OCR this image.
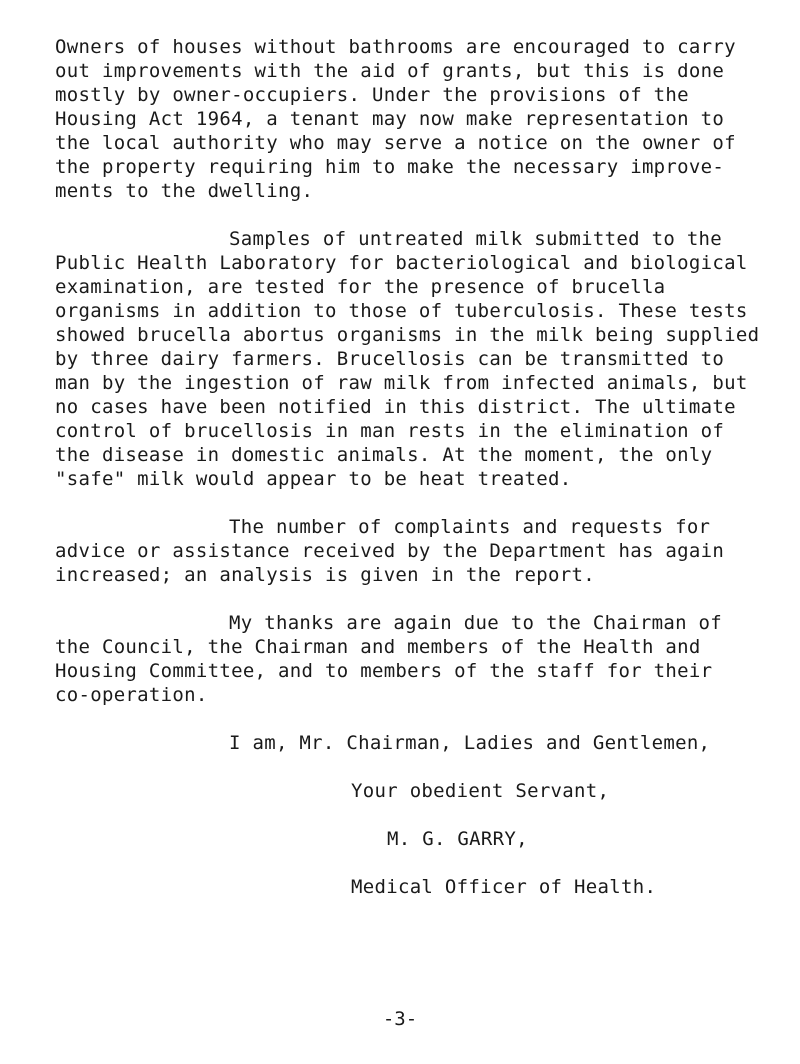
Owners of houses without bathrooms are encouraged to carry
out improvements with the aid of grants, but this is done
mostly by owner-occupiers. Under the provisions of the
Housing Act 1964, a tenant may now make representation to
the local authority who may serve a notice on the owner of
the property requiring him to make the necessary improve-
ments to the dwelling.
Samples of untreated milk submitted to the
Public Health Laboratory for bacteriological and biological
examination, are tested for the presence of brucella
organisms in addition to those of tuberculosis. These tests
showed brucella abortus organisms in the milk being supplied
by three dairy farmers. Brucellosis can be transmitted to
man by the ingestion of raw milk from infected animals, but
no cases have been notified in this district. The ultimate
control of brucellosis in man rests in the elimination of
the disease in domestic animals. At the moment, the only
"safe" milk would appear to be heat treated.
The number of complaints and requests for
advice or assistance received by the Department has again
increased; an analysis is given in the report.
My thanks are again due to the Chairman of
the Council, the Chairman and members of the Health and
Housing Committee, and to members of the staff for their
co-operation.
I am, Mr. Chairman, Ladies and Gentlemen,
Your obedient Servant,
M. G. GARRY,
Medical Officer of Health.
-3-
